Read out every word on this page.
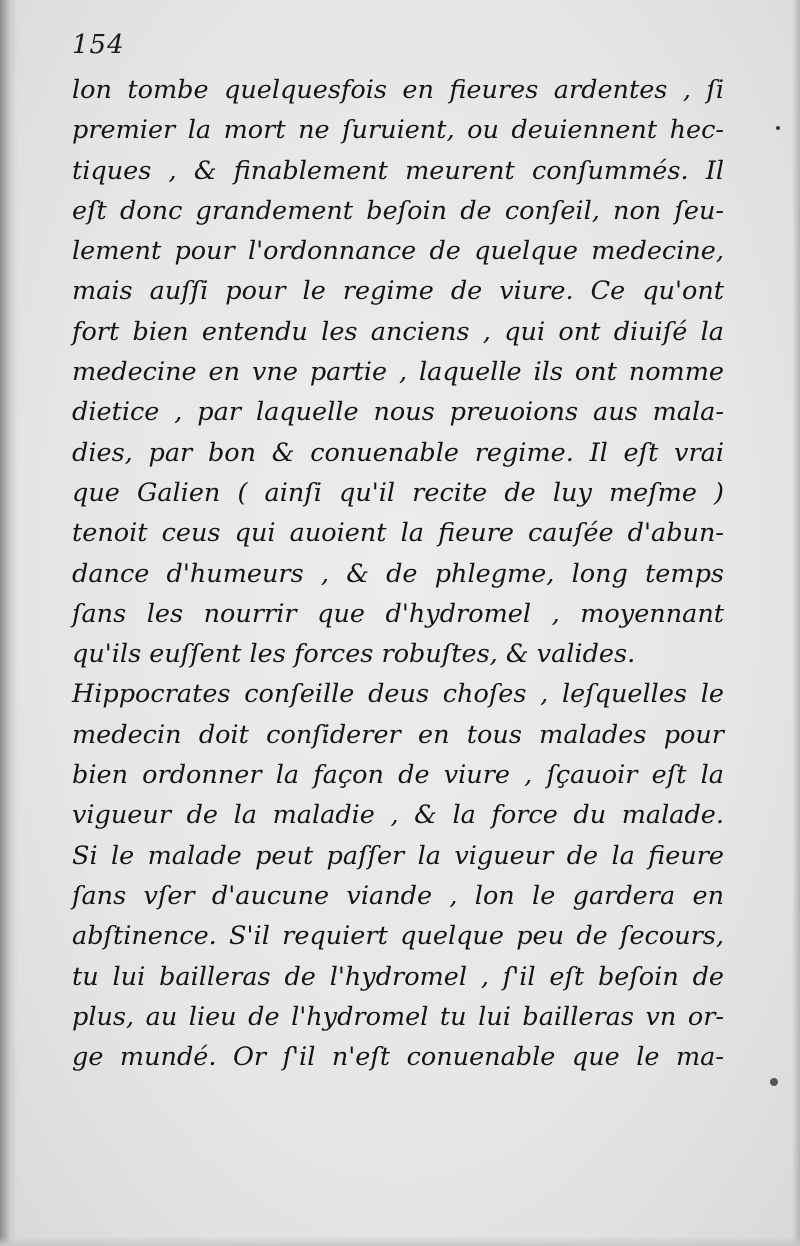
154
lon tombe quelquesfois en fieures ardentes , ſi
premier la mort ne ſuruient, ou deuiennent hec-
tiques , & finablement meurent conſummés. Il
eſt donc grandement beſoin de conſeil, non ſeu-
lement pour l'ordonnance de quelque medecine,
mais auſſi pour le regime de viure. Ce qu'ont
fort bien entendu les anciens , qui ont diuiſé la
medecine en vne partie , laquelle ils ont nomme
dietice , par laquelle nous preuoions aus mala-
dies, par bon & conuenable regime. Il eſt vrai
que Galien ( ainſi qu'il recite de luy meſme )
tenoit ceus qui auoient la fieure cauſée d'abun-
dance d'humeurs , & de phlegme, long temps
ſans les nourrir que d'hydromel , moyennant
qu'ils euſſent les forces robuſtes, & valides.
Hippocrates conſeille deus choſes , leſquelles le
medecin doit conſiderer en tous malades pour
bien ordonner la façon de viure , ſçauoir eſt la
vigueur de la maladie , & la force du malade.
Si le malade peut paſſer la vigueur de la fieure
ſans vſer d'aucune viande , lon le gardera en
abſtinence. S'il requiert quelque peu de ſecours,
tu lui bailleras de l'hydromel , ſ'il eſt beſoin de
plus, au lieu de l'hydromel tu lui bailleras vn or-
ge mundé. Or ſ'il n'eſt conuenable que le ma-
